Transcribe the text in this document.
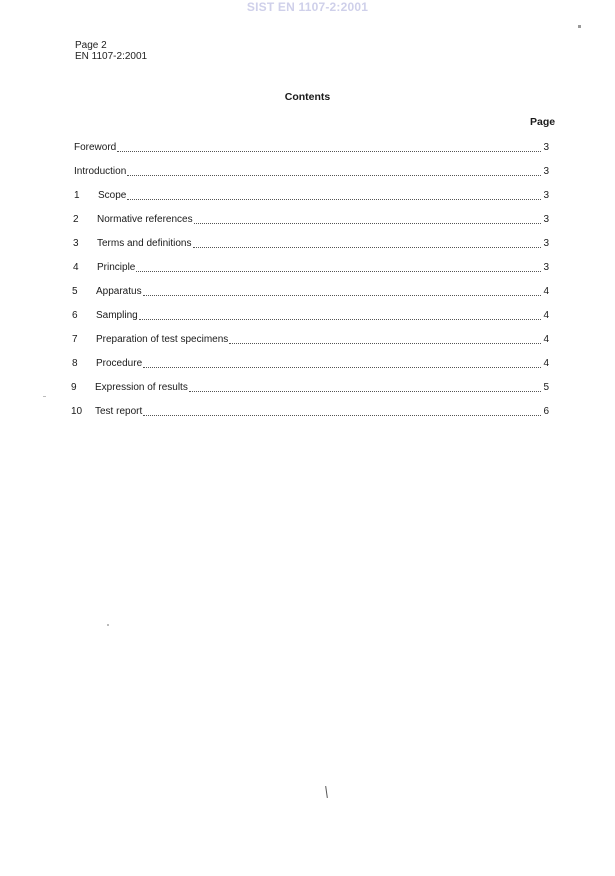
SIST EN 1107-2:2001
Page 2
EN 1107-2:2001
Contents
Page
Foreword	3
Introduction	3
1	Scope	3
2	Normative references	3
3	Terms and definitions	3
4	Principle	3
5	Apparatus	4
6	Sampling	4
7	Preparation of test specimens	4
8	Procedure	4
9	Expression of results	5
10	Test report	6
